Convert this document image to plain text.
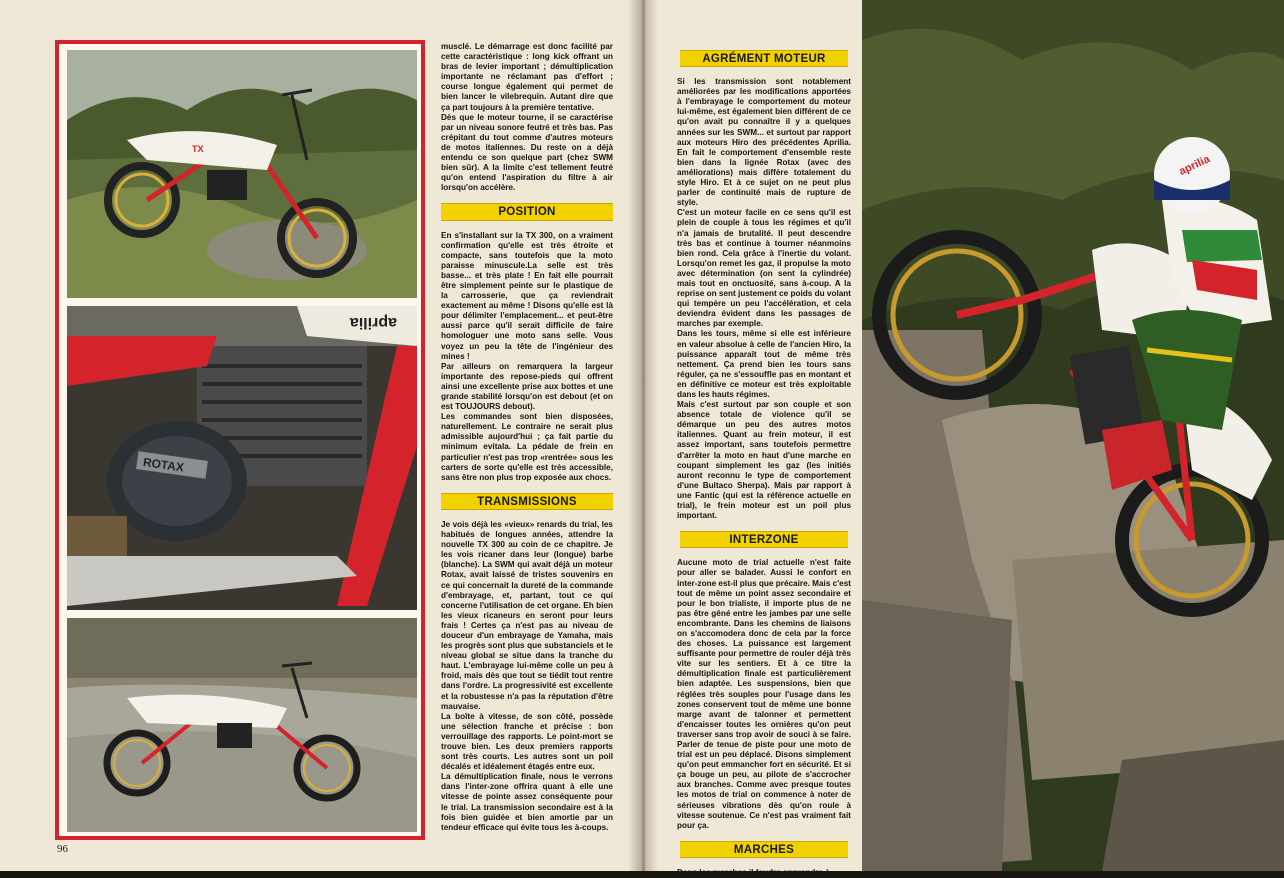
TX
aprilia
ROTAX

musclé. Le démarrage est donc facilité par cette caractéristique : long kick offrant un bras de levier important ; démultiplication importante ne réclamant pas d'effort ; course longue également qui permet de bien lancer le vilebrequin. Autant dire que ça part toujours à la première tentative.
Dès que le moteur tourne, il se caractérise par un niveau sonore feutré et très bas. Pas crépitant du tout comme d'autres moteurs de motos italiennes. Du reste on a déjà entendu ce son quelque part (chez SWM bien sûr). A la limite c'est tellement feutré qu'on entend l'aspiration du filtre à air lorsqu'on accélère.

POSITION

En s'installant sur la TX 300, on a vraiment confirmation qu'elle est très étroite et compacte, sans toutefois que la moto paraisse minuscule.La selle est très basse... et très plate ! En fait elle pourrait être simplement peinte sur le plastique de la carrosserie, que ça reviendrait exactement au même ! Disons qu'elle est là pour délimiter l'emplacement... et peut-être aussi parce qu'il serait difficile de faire homologuer une moto sans selle. Vous voyez un peu la tête de l'ingénieur des mines !
Par ailleurs on remarquera la largeur importante des repose-pieds qui offrent ainsi une excellente prise aux bottes et une grande stabilité lorsqu'on est debout (et on est TOUJOURS debout).
Les commandes sont bien disposées, naturellement. Le contraire ne serait plus admissible aujourd'hui ; ça fait partie du minimum evitala. La pédale de frein en particulier n'est pas trop «rentrée» sous les carters de sorte qu'elle est très accessible, sans être non plus trop exposée aux chocs.

TRANSMISSIONS

Je vois déjà les «vieux» renards du trial, les habitués de longues années, attendre la nouvelle TX 300 au coin de ce chapitre. Je les vois ricaner dans leur (longue) barbe (blanche). La SWM qui avait déjà un moteur Rotax, avait laissé de tristes souvenirs en ce qui concernait la dureté de la commande d'embrayage, et, partant, tout ce qui concerne l'utilisation de cet organe. Eh bien les vieux ricaneurs en seront pour leurs frais ! Certes ça n'est pas au niveau de douceur d'un embrayage de Yamaha, mais les progrès sont plus que substanciels et le niveau global se situe dans la tranche du haut. L'embrayage lui-même colle un peu à froid, mais dès que tout se tiédit tout rentre dans l'ordre. La progressivité est excellente et la robustesse n'a pas la réputation d'être mauvaise.
La boîte à vitesse, de son côté, possède une sélection franche et précise : bon verrouillage des rapports. Le point-mort se trouve bien. Les deux premiers rapports sont très courts. Les autres sont un poil décalés et idéalement étagés entre eux.
La démultiplication finale, nous le verrons dans l'inter-zone offrira quant à elle une vitesse de pointe assez conséquente pour le trial. La transmission secondaire est à la fois bien guidée et bien amortie par un tendeur efficace qui évite tous les à-coups.

96
AGRÉMENT MOTEUR

Si les transmission sont notablement améliorées par les modifications apportées à l'embrayage le comportement du moteur lui-même, est également bien différent de ce qu'on avait pu connaître il y a quelques années sur les SWM... et surtout par rapport aux moteurs Hiro des précédentes Aprilia. En fait le comportement d'ensemble reste bien dans la lignée Rotax (avec des améliorations) mais diffère totalement du style Hiro. Et à ce sujet on ne peut plus parler de continuité mais de rupture de style.
C'est un moteur facile en ce sens qu'il est plein de couple à tous les régimes et qu'il n'a jamais de brutalité. Il peut descendre très bas et continue à tourner néanmoins bien rond. Cela grâce à l'inertie du volant. Lorsqu'on remet les gaz, il propulse la moto avec détermination (on sent la cylindrée) mais tout en onctuosité, sans à-coup. A la reprise on sent justement ce poids du volant qui tempère un peu l'accélération, et cela deviendra évident dans les passages de marches par exemple.
Dans les tours, même si elle est inférieure en valeur absolue à celle de l'ancien Hiro, la puissance apparaît tout de même très nettement. Ça prend bien les tours sans réguler, ça ne s'essouffle pas en montant et en définitive ce moteur est très exploitable dans les hauts régimes.
Mais c'est surtout par son couple et son absence totale de violence qu'il se démarque un peu des autres motos italiennes. Quant au frein moteur, il est assez important, sans toutefois permettre d'arrêter la moto en haut d'une marche en coupant simplement les gaz (les initiés auront reconnu le type de comportement d'une Bultaco Sherpa). Mais par rapport à une Fantic (qui est la référence actuelle en trial), le frein moteur est un poil plus important.

INTERZONE

Aucune moto de trial actuelle n'est faite pour aller se balader. Aussi le confort en inter-zone est-il plus que précaire. Mais c'est tout de même un point assez secondaire et pour le bon trialiste, il importe plus de ne pas être gêné entre les jambes par une selle encombrante. Dans les chemins de liaisons on s'accomodera donc de cela par la force des choses. La puissance est largement suffisante pour permettre de rouler déjà très vite sur les sentiers. Et à ce titre la démultiplication finale est particulièrement bien adaptée. Les suspensions, bien que réglées très souples pour l'usage dans les zones conservent tout de même une bonne marge avant de talonner et permettent d'encaisser toutes les ornières qu'on peut traverser sans trop avoir de souci à se faire. Parler de tenue de piste pour une moto de trial est un peu déplacé. Disons simplement qu'on peut emmancher fort en sécurité. Et si ça bouge un peu, au pilote de s'accrocher aux branches. Comme avec presque toutes les motos de trial on commence à noter de sérieuses vibrations dès qu'on roule à vitesse soutenue. Ce n'est pas vraiment fait pour ça.

MARCHES

Dans les marches il faudra apprendre à

aprilia
